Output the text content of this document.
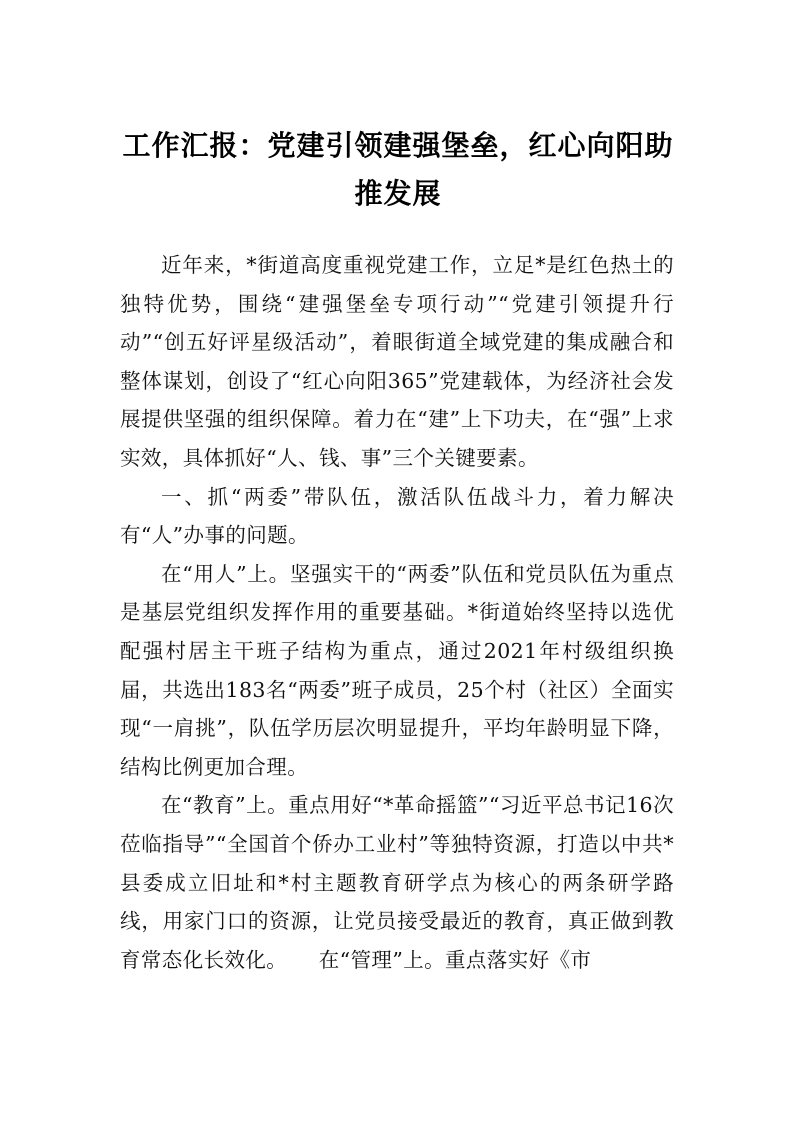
工作汇报：党建引领建强堡垒，红心向阳助推发展

近年来，*街道高度重视党建工作，立足*是红色热土的独特优势，围绕“建强堡垒专项行动”“党建引领提升行动”“创五好评星级活动”，着眼街道全域党建的集成融合和整体谋划，创设了“红心向阳365”党建载体，为经济社会发展提供坚强的组织保障。着力在“建”上下功夫，在“强”上求实效，具体抓好“人、钱、事”三个关键要素。

一、抓“两委”带队伍，激活队伍战斗力，着力解决有“人”办事的问题。

在“用人”上。坚强实干的“两委”队伍和党员队伍为重点是基层党组织发挥作用的重要基础。*街道始终坚持以选优配强村居主干班子结构为重点，通过2021年村级组织换届，共选出183名“两委”班子成员，25个村（社区）全面实现“一肩挑”，队伍学历层次明显提升，平均年龄明显下降，结构比例更加合理。

在“教育”上。重点用好“*革命摇篮”“习近平总书记16次莅临指导”“全国首个侨办工业村”等独特资源，打造以中共*县委成立旧址和*村主题教育研学点为核心的两条研学路线，用家门口的资源，让党员接受最近的教育，真正做到教育常态化长效化。　　在“管理”上。重点落实好《市
